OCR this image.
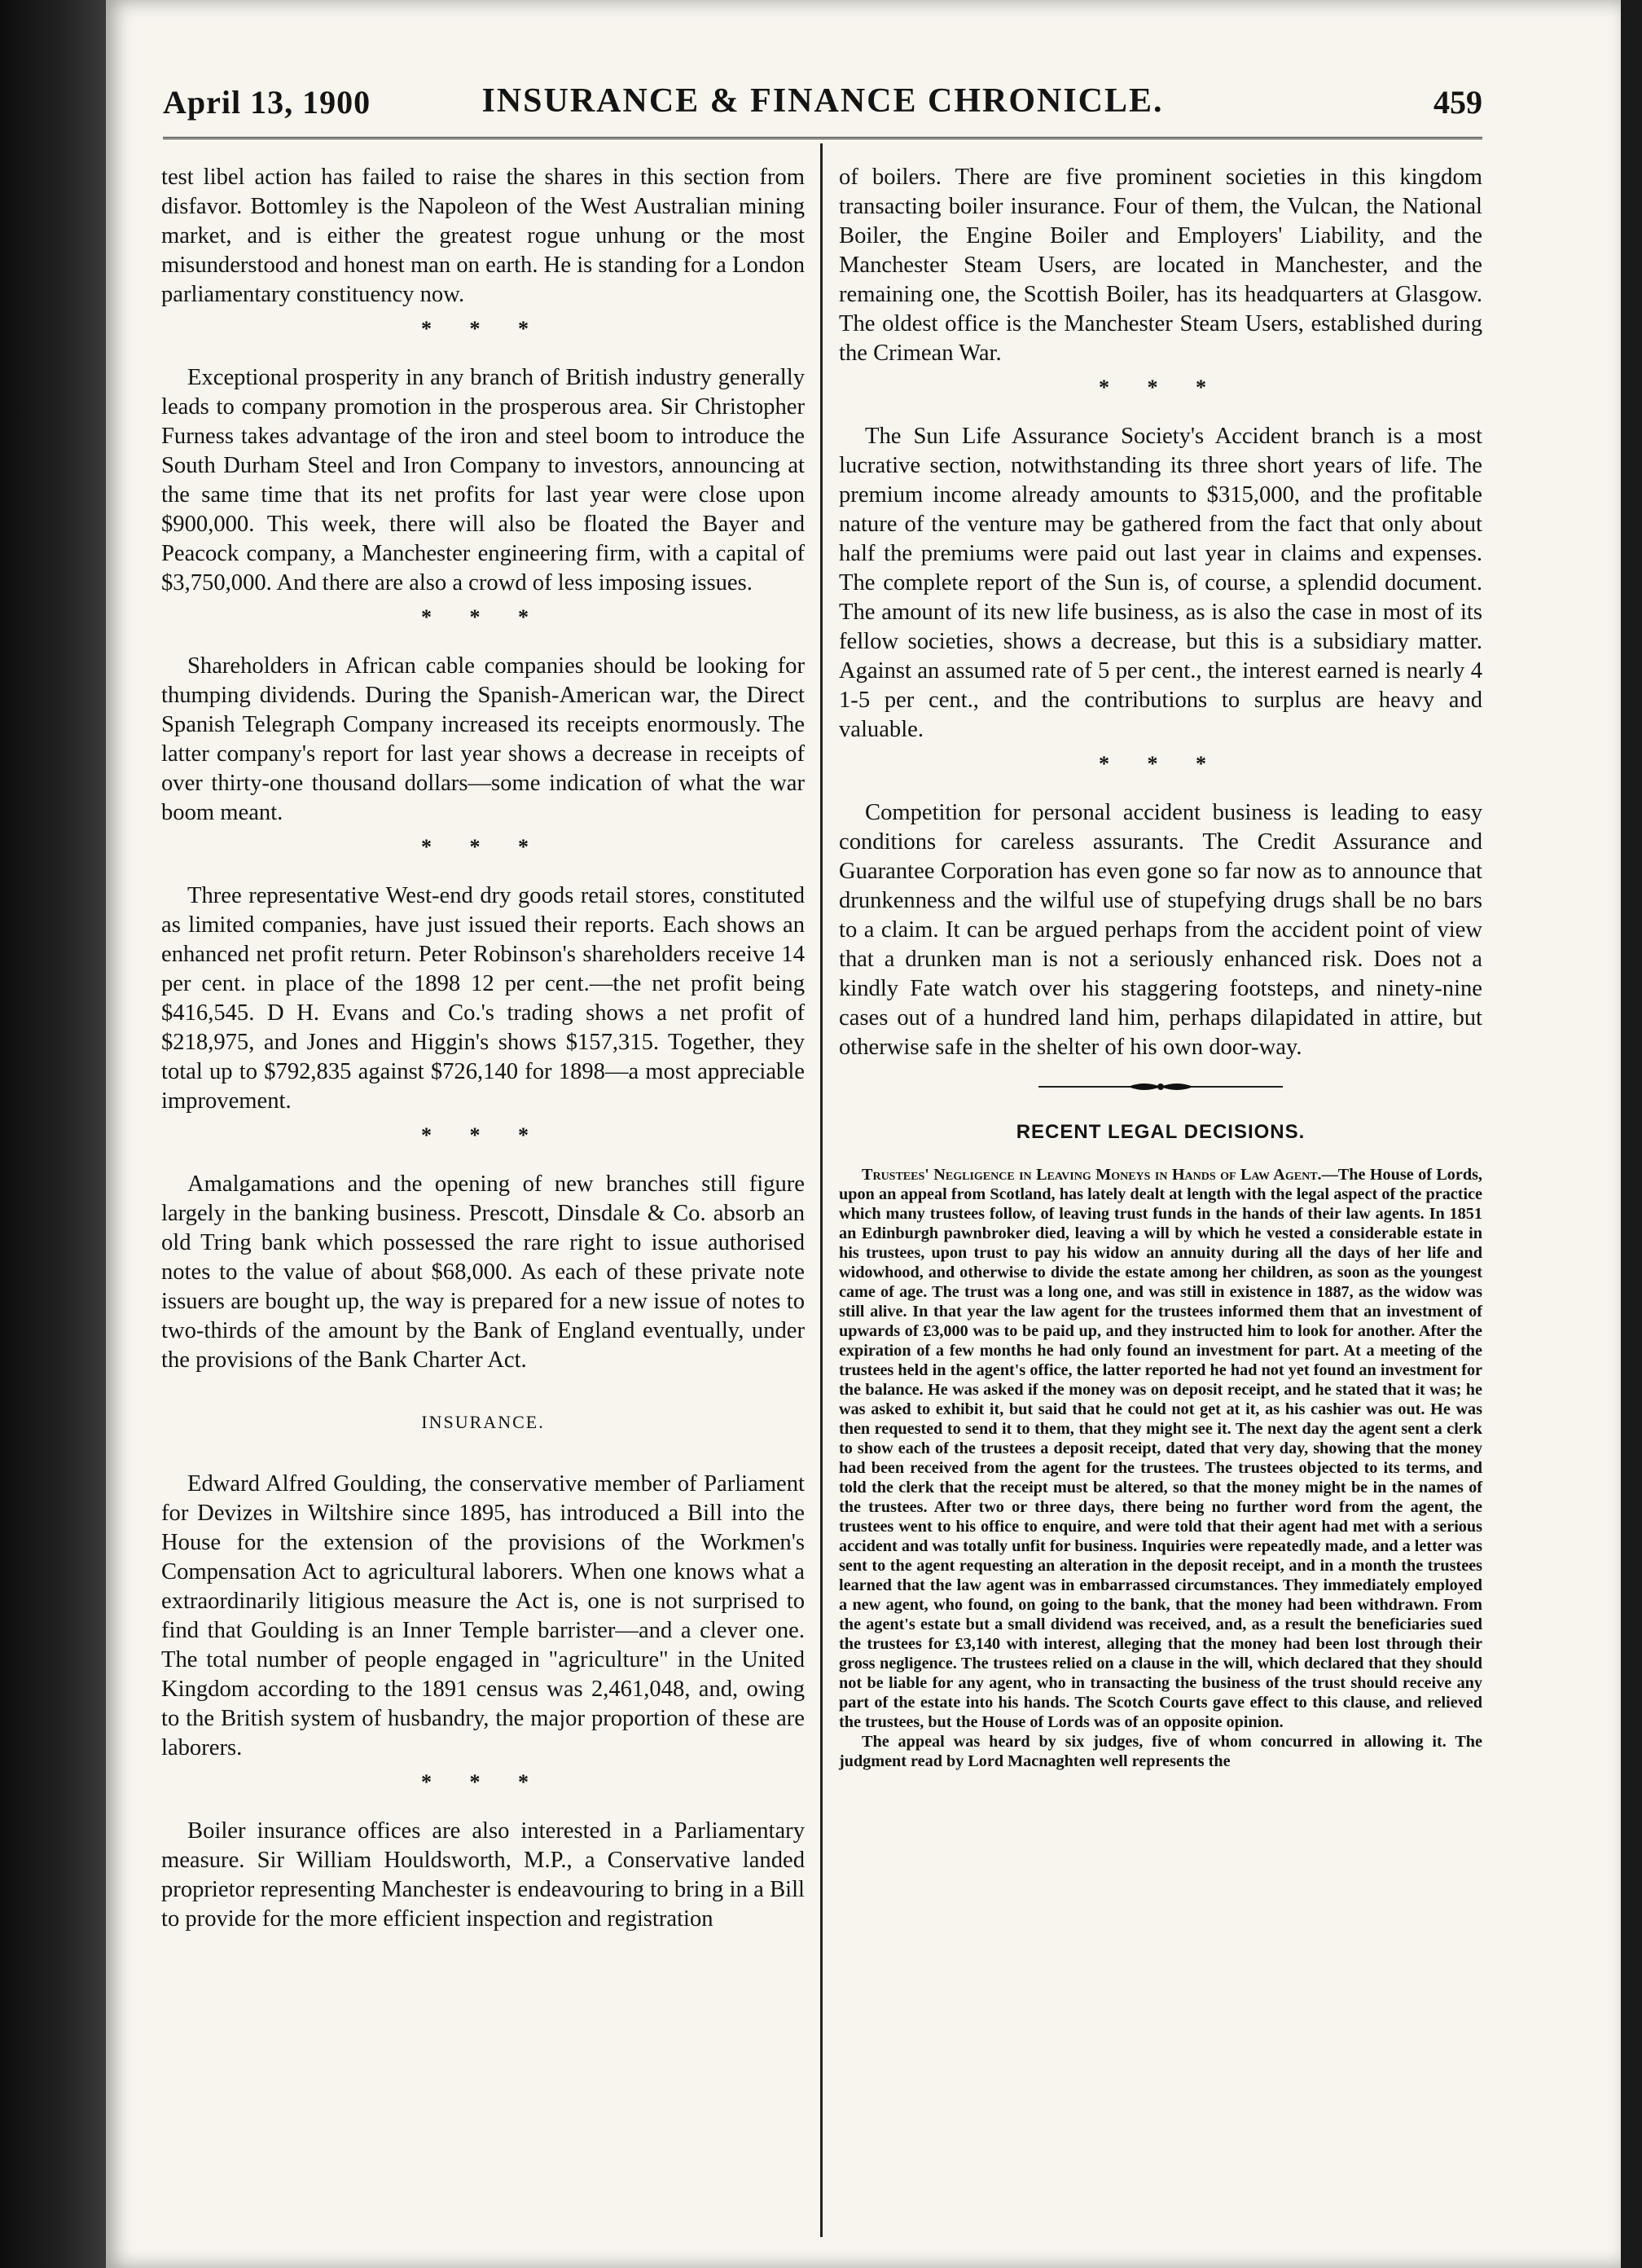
April 13, 1900	INSURANCE & FINANCE CHRONICLE.	459

test libel action has failed to raise the shares in this section from disfavor. Bottomley is the Napoleon of the West Australian mining market, and is either the greatest rogue unhung or the most misunderstood and honest man on earth. He is standing for a London parliamentary constituency now.

* * *

Exceptional prosperity in any branch of British industry generally leads to company promotion in the prosperous area. Sir Christopher Furness takes advantage of the iron and steel boom to introduce the South Durham Steel and Iron Company to investors, announcing at the same time that its net profits for last year were close upon $900,000. This week, there will also be floated the Bayer and Peacock company, a Manchester engineering firm, with a capital of $3,750,000. And there are also a crowd of less imposing issues.

* * *

Shareholders in African cable companies should be looking for thumping dividends. During the Spanish-American war, the Direct Spanish Telegraph Company increased its receipts enormously. The latter company's report for last year shows a decrease in receipts of over thirty-one thousand dollars—some indication of what the war boom meant.

* * *

Three representative West-end dry goods retail stores, constituted as limited companies, have just issued their reports. Each shows an enhanced net profit return. Peter Robinson's shareholders receive 14 per cent. in place of the 1898 12 per cent.—the net profit being $416,545. D H. Evans and Co.'s trading shows a net profit of $218,975, and Jones and Higgin's shows $157,315. Together, they total up to $792,835 against $726,140 for 1898—a most appreciable improvement.

* * *

Amalgamations and the opening of new branches still figure largely in the banking business. Prescott, Dinsdale & Co. absorb an old Tring bank which possessed the rare right to issue authorised notes to the value of about $68,000. As each of these private note issuers are bought up, the way is prepared for a new issue of notes to two-thirds of the amount by the Bank of England eventually, under the provisions of the Bank Charter Act.

INSURANCE.

Edward Alfred Goulding, the conservative member of Parliament for Devizes in Wiltshire since 1895, has introduced a Bill into the House for the extension of the provisions of the Workmen's Compensation Act to agricultural laborers. When one knows what a extraordinarily litigious measure the Act is, one is not surprised to find that Goulding is an Inner Temple barrister—and a clever one. The total number of people engaged in "agriculture" in the United Kingdom according to the 1891 census was 2,461,048, and, owing to the British system of husbandry, the major proportion of these are laborers.

* * *

Boiler insurance offices are also interested in a Parliamentary measure. Sir William Houldsworth, M.P., a Conservative landed proprietor representing Manchester is endeavouring to bring in a Bill to provide for the more efficient inspection and registration

of boilers. There are five prominent societies in this kingdom transacting boiler insurance. Four of them, the Vulcan, the National Boiler, the Engine Boiler and Employers' Liability, and the Manchester Steam Users, are located in Manchester, and the remaining one, the Scottish Boiler, has its headquarters at Glasgow. The oldest office is the Manchester Steam Users, established during the Crimean War.

* * *

The Sun Life Assurance Society's Accident branch is a most lucrative section, notwithstanding its three short years of life. The premium income already amounts to $315,000, and the profitable nature of the venture may be gathered from the fact that only about half the premiums were paid out last year in claims and expenses. The complete report of the Sun is, of course, a splendid document. The amount of its new life business, as is also the case in most of its fellow societies, shows a decrease, but this is a subsidiary matter. Against an assumed rate of 5 per cent., the interest earned is nearly 4 1-5 per cent., and the contributions to surplus are heavy and valuable.

* * *

Competition for personal accident business is leading to easy conditions for careless assurants. The Credit Assurance and Guarantee Corporation has even gone so far now as to announce that drunkenness and the wilful use of stupefying drugs shall be no bars to a claim. It can be argued perhaps from the accident point of view that a drunken man is not a seriously enhanced risk. Does not a kindly Fate watch over his staggering footsteps, and ninety-nine cases out of a hundred land him, perhaps dilapidated in attire, but otherwise safe in the shelter of his own door-way.

RECENT LEGAL DECISIONS.

Trustees' Negligence in Leaving Moneys in Hands of Law Agent.—The House of Lords, upon an appeal from Scotland, has lately dealt at length with the legal aspect of the practice which many trustees follow, of leaving trust funds in the hands of their law agents. In 1851 an Edinburgh pawnbroker died, leaving a will by which he vested a considerable estate in his trustees, upon trust to pay his widow an annuity during all the days of her life and widowhood, and otherwise to divide the estate among her children, as soon as the youngest came of age. The trust was a long one, and was still in existence in 1887, as the widow was still alive. In that year the law agent for the trustees informed them that an investment of upwards of £3,000 was to be paid up, and they instructed him to look for another. After the expiration of a few months he had only found an investment for part. At a meeting of the trustees held in the agent's office, the latter reported he had not yet found an investment for the balance. He was asked if the money was on deposit receipt, and he stated that it was; he was asked to exhibit it, but said that he could not get at it, as his cashier was out. He was then requested to send it to them, that they might see it. The next day the agent sent a clerk to show each of the trustees a deposit receipt, dated that very day, showing that the money had been received from the agent for the trustees. The trustees objected to its terms, and told the clerk that the receipt must be altered, so that the money might be in the names of the trustees. After two or three days, there being no further word from the agent, the trustees went to his office to enquire, and were told that their agent had met with a serious accident and was totally unfit for business. Inquiries were repeatedly made, and a letter was sent to the agent requesting an alteration in the deposit receipt, and in a month the trustees learned that the law agent was in embarrassed circumstances. They immediately employed a new agent, who found, on going to the bank, that the money had been withdrawn. From the agent's estate but a small dividend was received, and, as a result the beneficiaries sued the trustees for £3,140 with interest, alleging that the money had been lost through their gross negligence. The trustees relied on a clause in the will, which declared that they should not be liable for any agent, who in transacting the business of the trust should receive any part of the estate into his hands. The Scotch Courts gave effect to this clause, and relieved the trustees, but the House of Lords was of an opposite opinion.

The appeal was heard by six judges, five of whom concurred in allowing it. The judgment read by Lord Macnaghten well represents the
